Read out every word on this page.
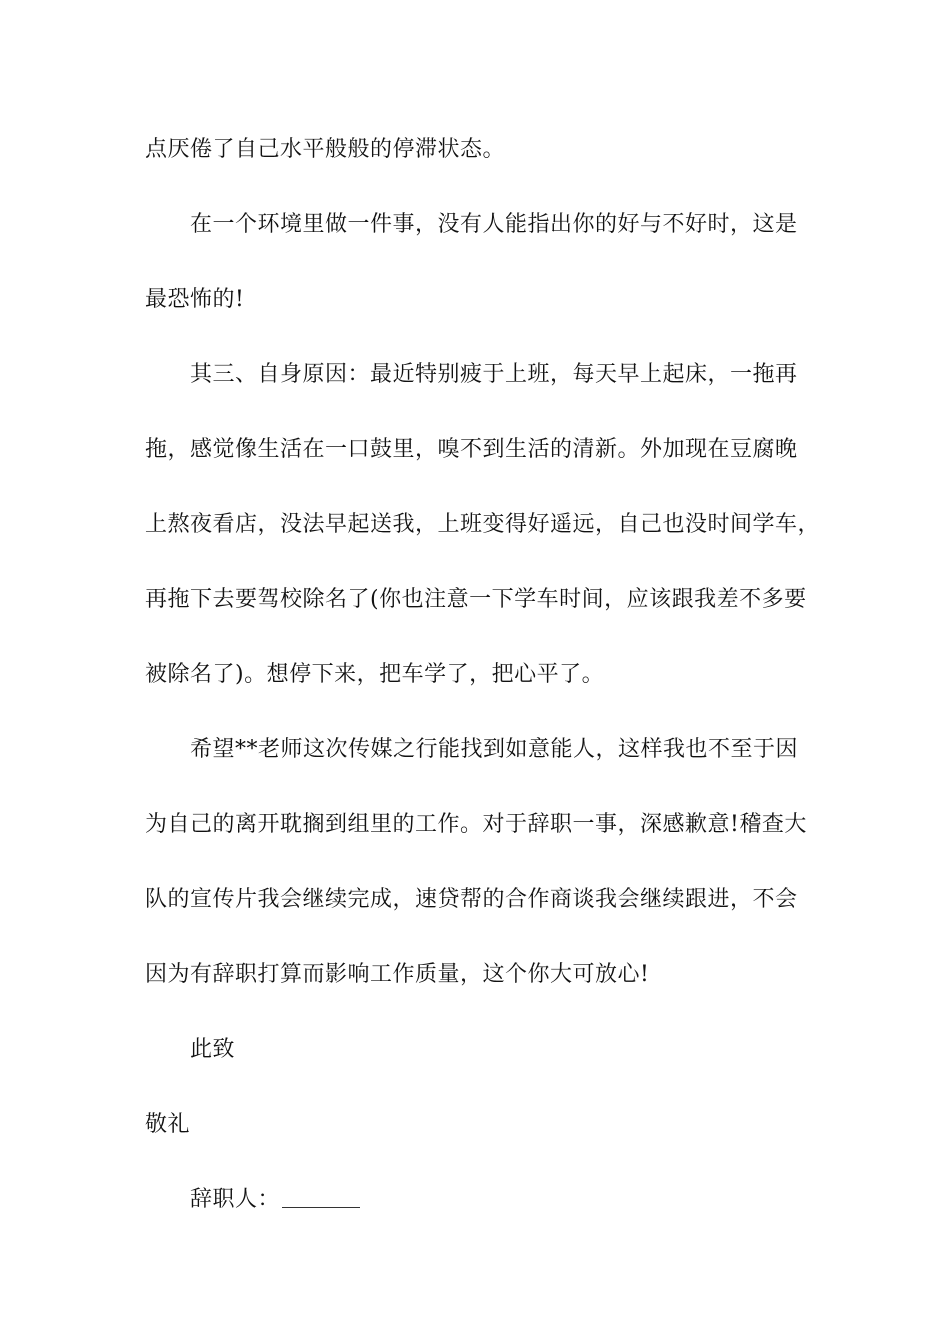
点厌倦了自己水平般般的停滞状态。
在一个环境里做一件事，没有人能指出你的好与不好时，这是
最恐怖的!
其三、自身原因：最近特别疲于上班，每天早上起床，一拖再
拖，感觉像生活在一口鼓里，嗅不到生活的清新。外加现在豆腐晚
上熬夜看店，没法早起送我，上班变得好遥远，自己也没时间学车，
再拖下去要驾校除名了(你也注意一下学车时间，应该跟我差不多要
被除名了)。想停下来，把车学了，把心平了。
希望**老师这次传媒之行能找到如意能人，这样我也不至于因
为自己的离开耽搁到组里的工作。对于辞职一事，深感歉意!稽查大
队的宣传片我会继续完成，速贷帮的合作商谈我会继续跟进，不会
因为有辞职打算而影响工作质量，这个你大可放心!
此致
敬礼
辞职人：
